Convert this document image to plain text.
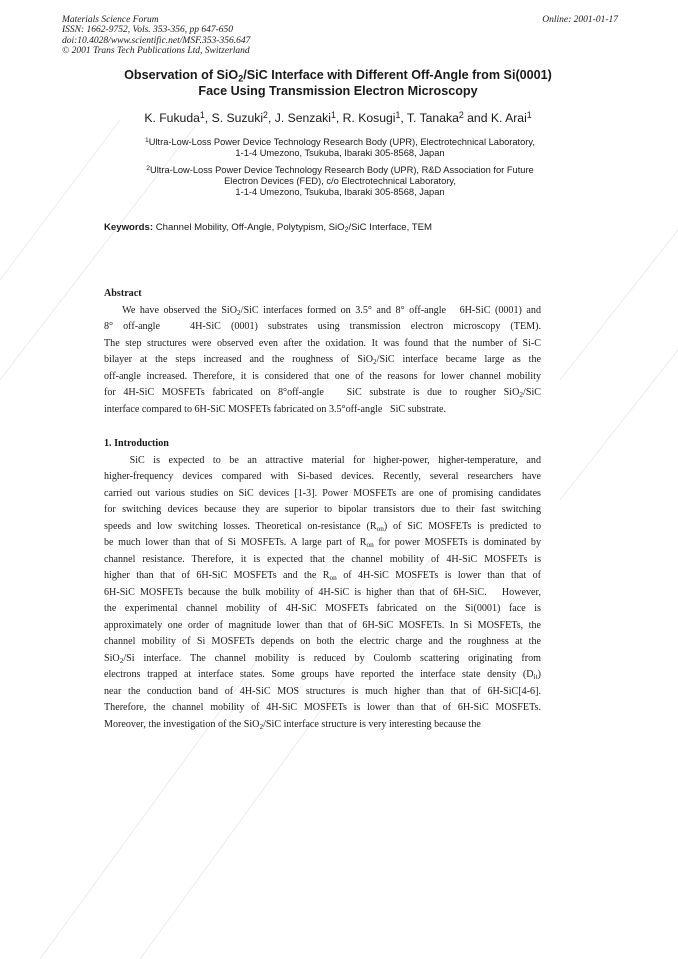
Materials Science Forum
ISSN: 1662-9752, Vols. 353-356, pp 647-650
doi:10.4028/www.scientific.net/MSF.353-356.647
© 2001 Trans Tech Publications Ltd, Switzerland
Online: 2001-01-17
Observation of SiO$_2$/SiC Interface with Different Off-Angle from Si(0001)
Face Using Transmission Electron Microscopy
K. Fukuda$^1$, S. Suzuki$^2$, J. Senzaki$^1$, R. Kosugi$^1$, T. Tanaka$^2$ and K. Arai$^1$
$^1$Ultra-Low-Loss Power Device Technology Research Body (UPR), Electrotechnical Laboratory,
1-1-4 Umezono, Tsukuba, Ibaraki 305-8568, Japan
$^2$Ultra-Low-Loss Power Device Technology Research Body (UPR), R&D Association for Future
Electron Devices (FED), c/o Electrotechnical Laboratory,
1-1-4 Umezono, Tsukuba, Ibaraki 305-8568, Japan
Keywords: Channel Mobility, Off-Angle, Polytypism, SiO$_2$/SiC Interface, TEM
Abstract
We have observed the SiO$_2$/SiC interfaces formed on 3.5° and 8° off-angle   6H-SiC (0001) and
8° off-angle   4H-SiC (0001) substrates using transmission electron microscopy (TEM).
The step structures were observed even after the oxidation. It was found that the number of Si-C
bilayer at the steps increased and the roughness of SiO$_2$/SiC interface became large as the
off-angle increased. Therefore, it is considered that one of the reasons for lower channel mobility
for 4H-SiC MOSFETs fabricated on 8°off-angle   SiC substrate is due to rougher SiO$_2$/SiC
interface compared to 6H-SiC MOSFETs fabricated on 3.5°off-angle   SiC substrate.
1. Introduction
SiC is expected to be an attractive material for higher-power, higher-temperature, and
higher-frequency devices compared with Si-based devices. Recently, several researchers have
carried out various studies on SiC devices [1-3]. Power MOSFETs are one of promising candidates
for switching devices because they are superior to bipolar transistors due to their fast switching
speeds and low switching losses. Theoretical on-resistance $(R_{on})$ of SiC MOSFETs is predicted to
be much lower than that of Si MOSFETs. A large part of $R_{on}$ for power MOSFETs is dominated by
channel resistance. Therefore, it is expected that the channel mobility of 4H-SiC MOSFETs is
higher than that of 6H-SiC MOSFETs and the $R_{on}$ of 4H-SiC MOSFETs is lower than that of
6H-SiC MOSFETs because the bulk mobility of 4H-SiC is higher than that of 6H-SiC.   However,
the experimental channel mobility of 4H-SiC MOSFETs fabricated on the Si(0001) face is
approximately one order of magnitude lower than that of 6H-SiC MOSFETs. In Si MOSFETs, the
channel mobility of Si MOSFETs depends on both the electric charge and the roughness at the
SiO$_2$/Si interface. The channel mobility is reduced by Coulomb scattering originating from
electrons trapped at interface states. Some groups have reported the interface state density $(D_{it})$
near the conduction band of 4H-SiC MOS structures is much higher than that of 6H-SiC[4-6].
Therefore, the channel mobility of 4H-SiC MOSFETs is lower than that of 6H-SiC MOSFETs.
Moreover, the investigation of the SiO$_2$/SiC interface structure is very interesting because the
